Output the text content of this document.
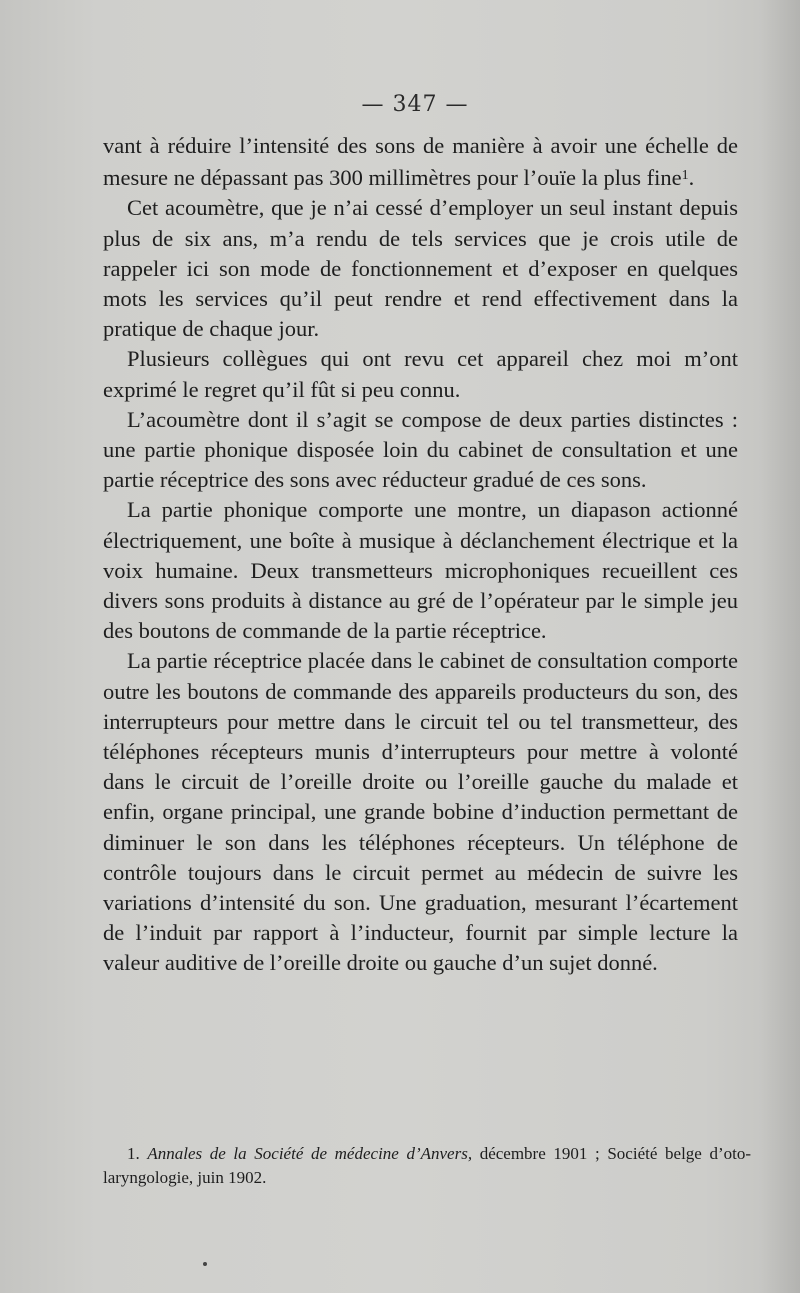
— 347 —

vant à réduire l’intensité des sons de manière à avoir une échelle de mesure ne dépassant pas 300 millimètres pour l’ouïe la plus fine$^1$.

Cet acoumètre, que je n’ai cessé d’employer un seul instant depuis plus de six ans, m’a rendu de tels services que je crois utile de rappeler ici son mode de fonctionnement et d’exposer en quelques mots les services qu’il peut rendre et rend effectivement dans la pratique de chaque jour.

Plusieurs collègues qui ont revu cet appareil chez moi m’ont exprimé le regret qu’il fût si peu connu.

L’acoumètre dont il s’agit se compose de deux parties distinctes : une partie phonique disposée loin du cabinet de consultation et une partie réceptrice des sons avec réducteur gradué de ces sons.

La partie phonique comporte une montre, un diapason actionné électriquement, une boîte à musique à déclanchement électrique et la voix humaine. Deux transmetteurs microphoniques recueillent ces divers sons produits à distance au gré de l’opérateur par le simple jeu des boutons de commande de la partie réceptrice.

La partie réceptrice placée dans le cabinet de consultation comporte outre les boutons de commande des appareils producteurs du son, des interrupteurs pour mettre dans le circuit tel ou tel transmetteur, des téléphones récepteurs munis d’interrupteurs pour mettre à volonté dans le circuit de l’oreille droite ou l’oreille gauche du malade et enfin, organe principal, une grande bobine d’induction permettant de diminuer le son dans les téléphones récepteurs. Un téléphone de contrôle toujours dans le circuit permet au médecin de suivre les variations d’intensité du son. Une graduation, mesurant l’écartement de l’induit par rapport à l’inducteur, fournit par simple lecture la valeur auditive de l’oreille droite ou gauche d’un sujet donné.

1. Annales de la Société de médecine d’Anvers, décembre 1901 ; Société belge d’oto-laryngologie, juin 1902.
